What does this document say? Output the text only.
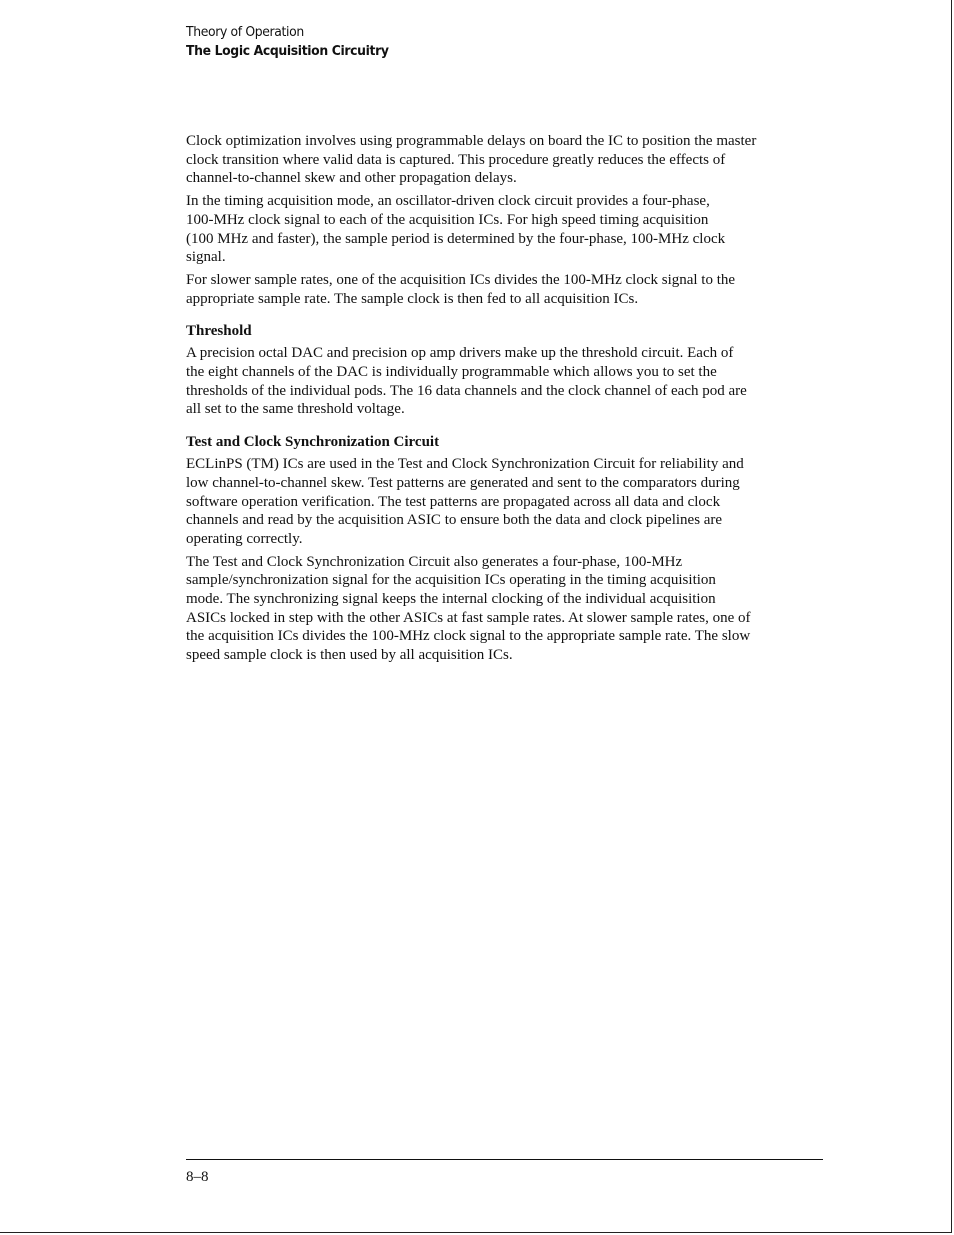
Theory of Operation
The Logic Acquisition Circuitry

Clock optimization involves using programmable delays on board the IC to position the master
clock transition where valid data is captured. This procedure greatly reduces the effects of
channel-to-channel skew and other propagation delays.

In the timing acquisition mode, an oscillator-driven clock circuit provides a four-phase,
100-MHz clock signal to each of the acquisition ICs. For high speed timing acquisition
(100 MHz and faster), the sample period is determined by the four-phase, 100-MHz clock
signal.

For slower sample rates, one of the acquisition ICs divides the 100-MHz clock signal to the
appropriate sample rate. The sample clock is then fed to all acquisition ICs.

Threshold

A precision octal DAC and precision op amp drivers make up the threshold circuit. Each of
the eight channels of the DAC is individually programmable which allows you to set the
thresholds of the individual pods. The 16 data channels and the clock channel of each pod are
all set to the same threshold voltage.

Test and Clock Synchronization Circuit

ECLinPS (TM) ICs are used in the Test and Clock Synchronization Circuit for reliability and
low channel-to-channel skew. Test patterns are generated and sent to the comparators during
software operation verification. The test patterns are propagated across all data and clock
channels and read by the acquisition ASIC to ensure both the data and clock pipelines are
operating correctly.

The Test and Clock Synchronization Circuit also generates a four-phase, 100-MHz
sample/synchronization signal for the acquisition ICs operating in the timing acquisition
mode. The synchronizing signal keeps the internal clocking of the individual acquisition
ASICs locked in step with the other ASICs at fast sample rates. At slower sample rates, one of
the acquisition ICs divides the 100-MHz clock signal to the appropriate sample rate. The slow
speed sample clock is then used by all acquisition ICs.

8–8
